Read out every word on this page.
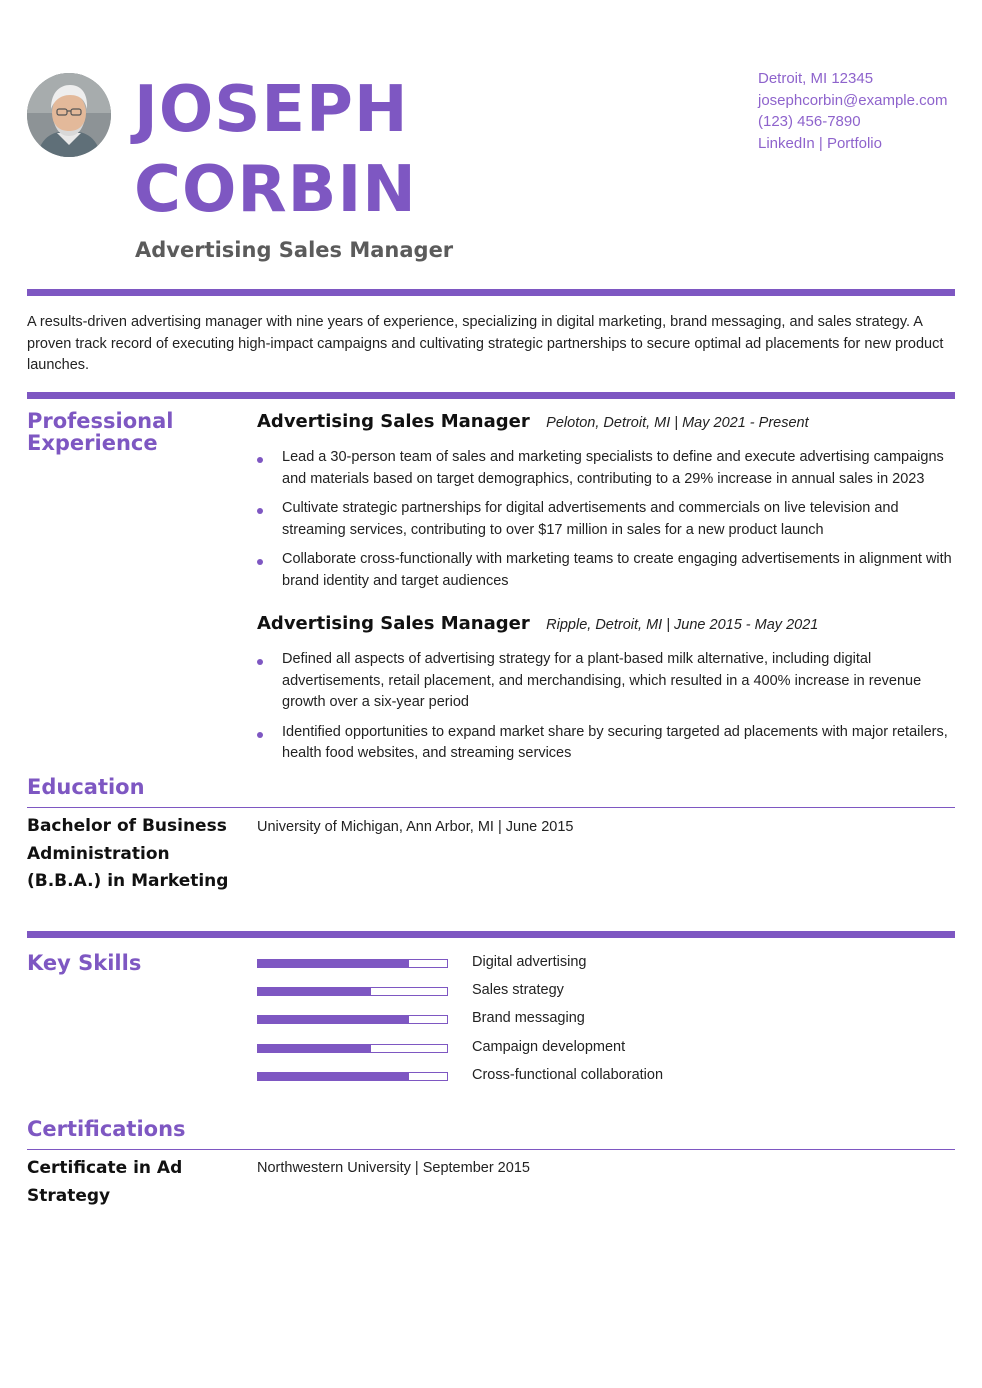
JOSEPH
CORBIN
Advertising Sales Manager
Detroit, MI 12345
josephcorbin@example.com
(123) 456-7890
LinkedIn | Portfolio
A results-driven advertising manager with nine years of experience, specializing in digital marketing, brand messaging, and sales strategy. A proven track record of executing high-impact campaigns and cultivating strategic partnerships to secure optimal ad placements for new product launches.
Professional Experience
Advertising Sales Manager Peloton, Detroit, MI | May 2021 - Present
Lead a 30-person team of sales and marketing specialists to define and execute advertising campaigns and materials based on target demographics, contributing to a 29% increase in annual sales in 2023
Cultivate strategic partnerships for digital advertisements and commercials on live television and streaming services, contributing to over $17 million in sales for a new product launch
Collaborate cross-functionally with marketing teams to create engaging advertisements in alignment with brand identity and target audiences
Advertising Sales Manager Ripple, Detroit, MI | June 2015 - May 2021
Defined all aspects of advertising strategy for a plant-based milk alternative, including digital advertisements, retail placement, and merchandising, which resulted in a 400% increase in revenue growth over a six-year period
Identified opportunities to expand market share by securing targeted ad placements with major retailers, health food websites, and streaming services
Education
Bachelor of Business Administration (B.B.A.) in Marketing
University of Michigan, Ann Arbor, MI | June 2015
Key Skills	Digital advertising
Sales strategy
Brand messaging
Campaign development
Cross-functional collaboration
Certifications
Certificate in Ad Strategy
Northwestern University | September 2015
